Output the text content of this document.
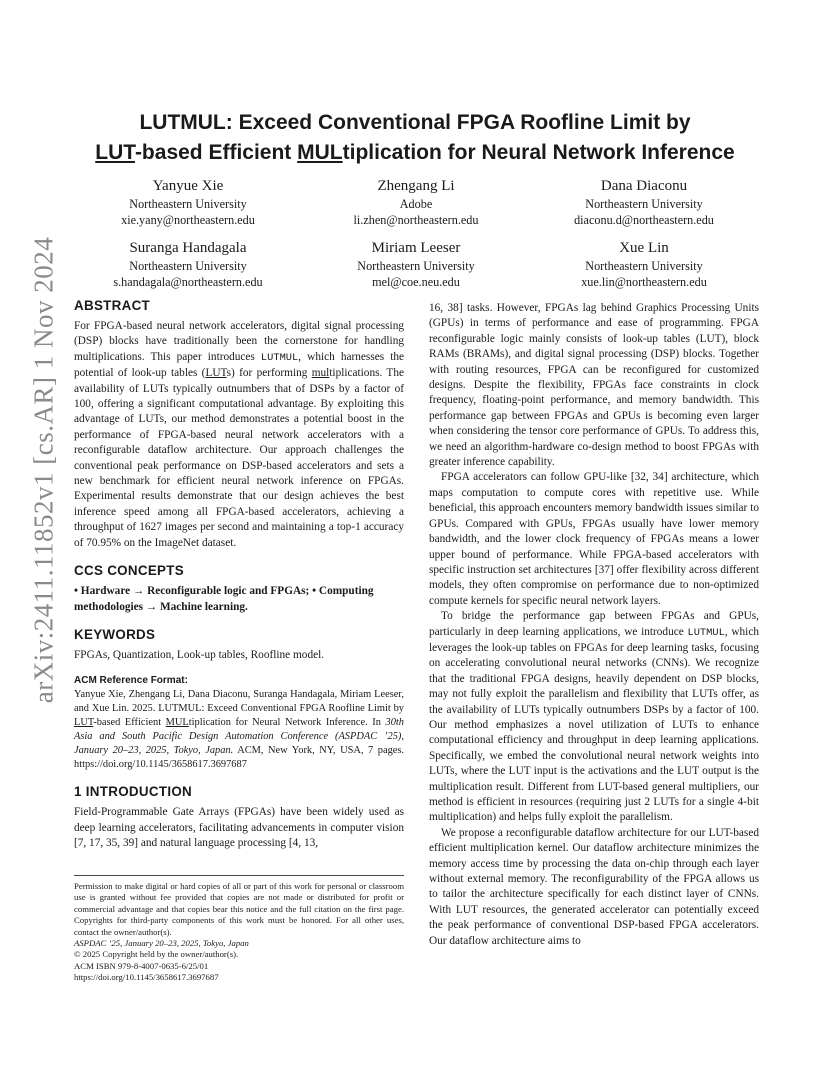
arXiv:2411.11852v1 [cs.AR] 1 Nov 2024
LUTMUL: Exceed Conventional FPGA Roofline Limit by
LUT-based Efficient MULtiplication for Neural Network Inference
Yanyue Xie
Northeastern University
xie.yany@northeastern.edu
Zhengang Li
Adobe
li.zhen@northeastern.edu
Dana Diaconu
Northeastern University
diaconu.d@northeastern.edu
Suranga Handagala
Northeastern University
s.handagala@northeastern.edu
Miriam Leeser
Northeastern University
mel@coe.neu.edu
Xue Lin
Northeastern University
xue.lin@northeastern.edu
ABSTRACT

For FPGA-based neural network accelerators, digital signal processing (DSP) blocks have traditionally been the cornerstone for handling multiplications. This paper introduces LUTMUL, which harnesses the potential of look-up tables (LUTs) for performing multiplications. The availability of LUTs typically outnumbers that of DSPs by a factor of 100, offering a significant computational advantage. By exploiting this advantage of LUTs, our method demonstrates a potential boost in the performance of FPGA-based neural network accelerators with a reconfigurable dataflow architecture. Our approach challenges the conventional peak performance on DSP-based accelerators and sets a new benchmark for efficient neural network inference on FPGAs. Experimental results demonstrate that our design achieves the best inference speed among all FPGA-based accelerators, achieving a throughput of 1627 images per second and maintaining a top-1 accuracy of 70.95% on the ImageNet dataset.

CCS CONCEPTS
• Hardware → Reconfigurable logic and FPGAs; • Computing methodologies → Machine learning.
KEYWORDS

FPGAs, Quantization, Look-up tables, Roofline model.

ACM Reference Format:

Yanyue Xie, Zhengang Li, Dana Diaconu, Suranga Handagala, Miriam Leeser, and Xue Lin. 2025. LUTMUL: Exceed Conventional FPGA Roofline Limit by LUT-based Efficient MULtiplication for Neural Network Inference. In 30th Asia and South Pacific Design Automation Conference (ASPDAC ’25), January 20–23, 2025, Tokyo, Japan. ACM, New York, NY, USA, 7 pages. https://doi.org/10.1145/3658617.3697687

1 INTRODUCTION

Field-Programmable Gate Arrays (FPGAs) have been widely used as deep learning accelerators, facilitating advancements in computer vision [7, 17, 35, 39] and natural language processing [4, 13,

Permission to make digital or hard copies of all or part of this work for personal or classroom use is granted without fee provided that copies are not made or distributed for profit or commercial advantage and that copies bear this notice and the full citation on the first page. Copyrights for third-party components of this work must be honored. For all other uses, contact the owner/author(s).

ASPDAC ’25, January 20–23, 2025, Tokyo, Japan
© 2025 Copyright held by the owner/author(s).
ACM ISBN 979-8-4007-0635-6/25/01
https://doi.org/10.1145/3658617.3697687

16, 38] tasks. However, FPGAs lag behind Graphics Processing Units (GPUs) in terms of performance and ease of programming. FPGA reconfigurable logic mainly consists of look-up tables (LUT), block RAMs (BRAMs), and digital signal processing (DSP) blocks. Together with routing resources, FPGA can be reconfigured for customized designs. Despite the flexibility, FPGAs face constraints in clock frequency, floating-point performance, and memory bandwidth. This performance gap between FPGAs and GPUs is becoming even larger when considering the tensor core performance of GPUs. To address this, we need an algorithm-hardware co-design method to boost FPGAs with greater inference capability.

FPGA accelerators can follow GPU-like [32, 34] architecture, which maps computation to compute cores with repetitive use. While beneficial, this approach encounters memory bandwidth issues similar to GPUs. Compared with GPUs, FPGAs usually have lower memory bandwidth, and the lower clock frequency of FPGAs means a lower upper bound of performance. While FPGA-based accelerators with specific instruction set architectures [37] offer flexibility across different models, they often compromise on performance due to non-optimized compute kernels for specific neural network layers.

To bridge the performance gap between FPGAs and GPUs, particularly in deep learning applications, we introduce LUTMUL, which leverages the look-up tables on FPGAs for deep learning tasks, focusing on accelerating convolutional neural networks (CNNs). We recognize that the traditional FPGA designs, heavily dependent on DSP blocks, may not fully exploit the parallelism and flexibility that LUTs offer, as the availability of LUTs typically outnumbers DSPs by a factor of 100. Our method emphasizes a novel utilization of LUTs to enhance computational efficiency and throughput in deep learning applications. Specifically, we embed the convolutional neural network weights into LUTs, where the LUT input is the activations and the LUT output is the multiplication result. Different from LUT-based general multipliers, our method is efficient in resources (requiring just 2 LUTs for a single 4-bit multiplication) and helps fully exploit the parallelism.

We propose a reconfigurable dataflow architecture for our LUT-based efficient multiplication kernel. Our dataflow architecture minimizes the memory access time by processing the data on-chip through each layer without external memory. The reconfigurability of the FPGA allows us to tailor the architecture specifically for each distinct layer of CNNs. With LUT resources, the generated accelerator can potentially exceed the peak performance of conventional DSP-based FPGA accelerators. Our dataflow architecture aims to
